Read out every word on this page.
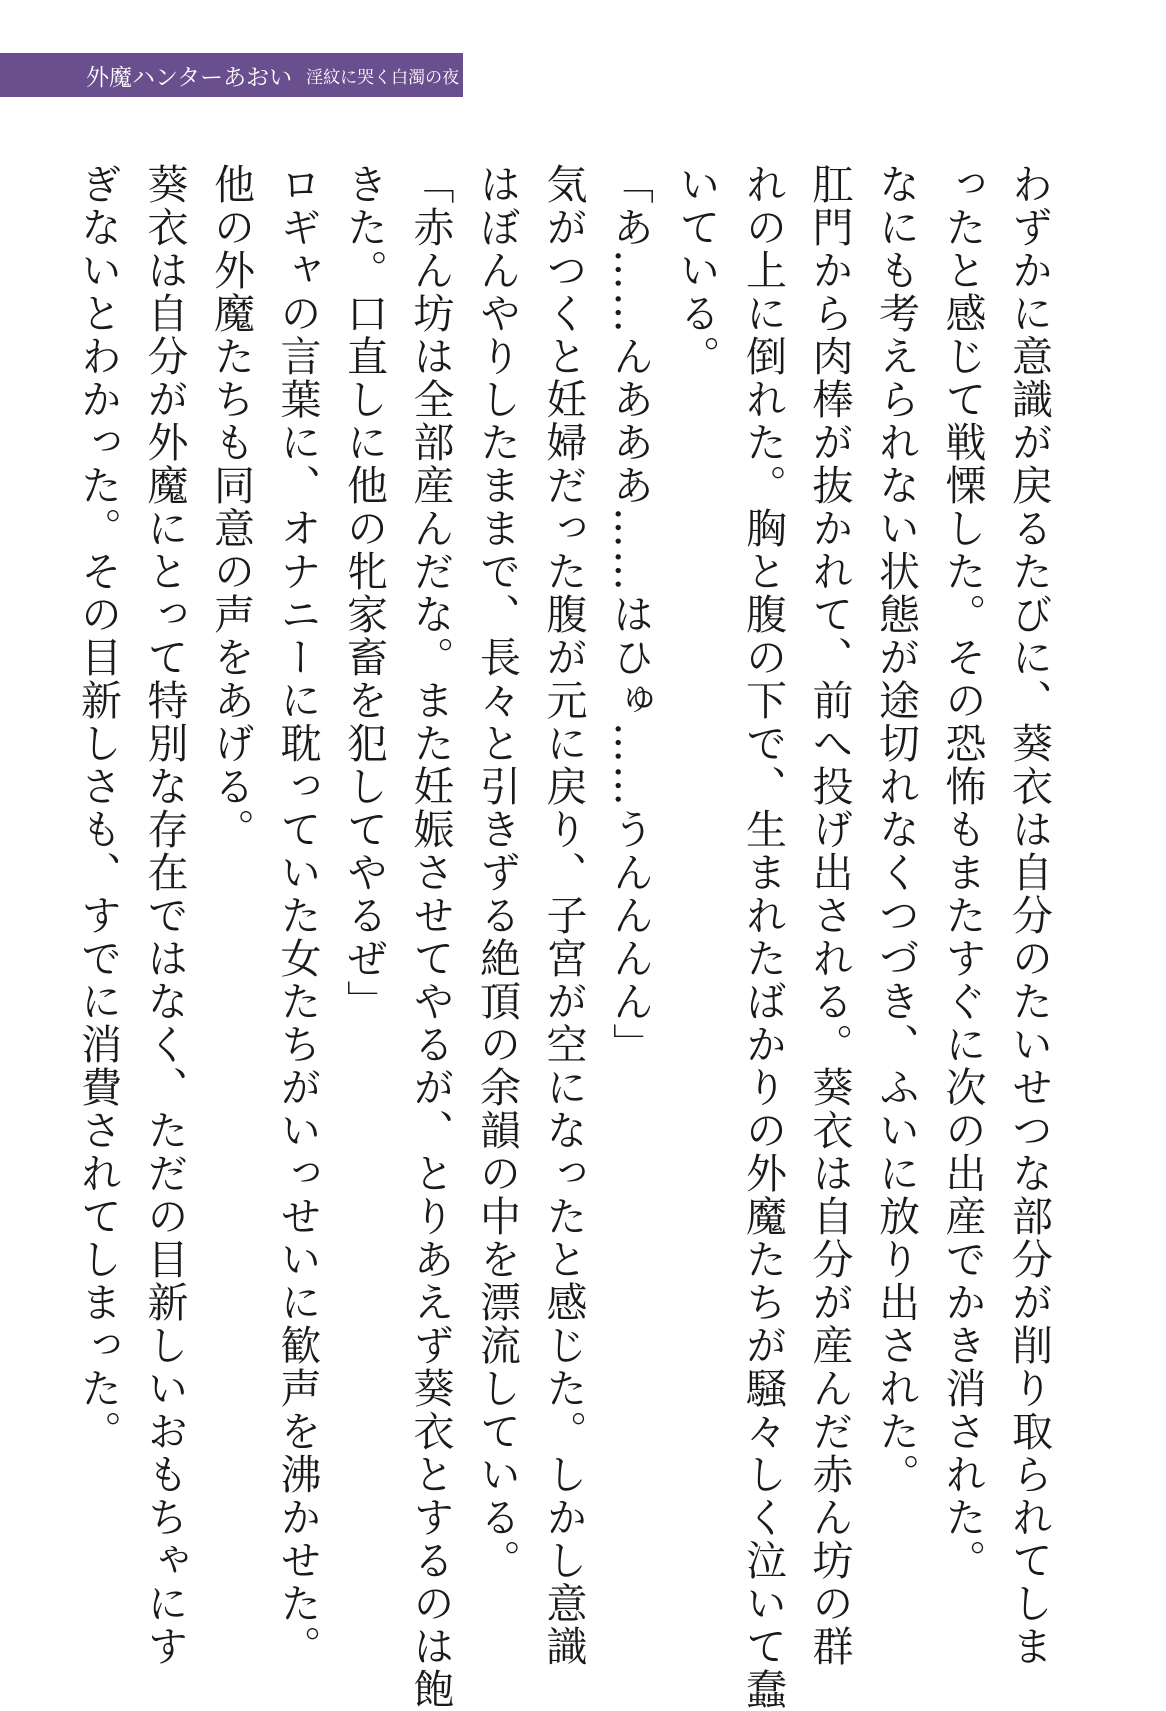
外魔ハンターあおい 淫紋に哭く白濁の夜
わずかに意識が戻るたびに、葵衣は自分のたいせつな部分が削り取られてしま
ったと感じて戦慄した。その恐怖もまたすぐに次の出産でかき消された。
なにも考えられない状態が途切れなくつづき、ふいに放り出された。
肛門から肉棒が抜かれて、前へ投げ出される。葵衣は自分が産んだ赤ん坊の群
れの上に倒れた。胸と腹の下で、生まれたばかりの外魔たちが騒々しく泣いて蠢
いている。
「あ……んあああ……はひゅ……うんんんん」
気がつくと妊婦だった腹が元に戻り、子宮が空になったと感じた。しかし意識
はぼんやりしたままで、長々と引きずる絶頂の余韻の中を漂流している。
「赤ん坊は全部産んだな。また妊娠させてやるが、とりあえず葵衣とするのは飽
きた。口直しに他の牝家畜を犯してやるぜ」
ロギャの言葉に、オナニーに耽っていた女たちがいっせいに歓声を沸かせた。
他の外魔たちも同意の声をあげる。
葵衣は自分が外魔にとって特別な存在ではなく、ただの目新しいおもちゃにす
ぎないとわかった。その目新しさも、すでに消費されてしまった。
